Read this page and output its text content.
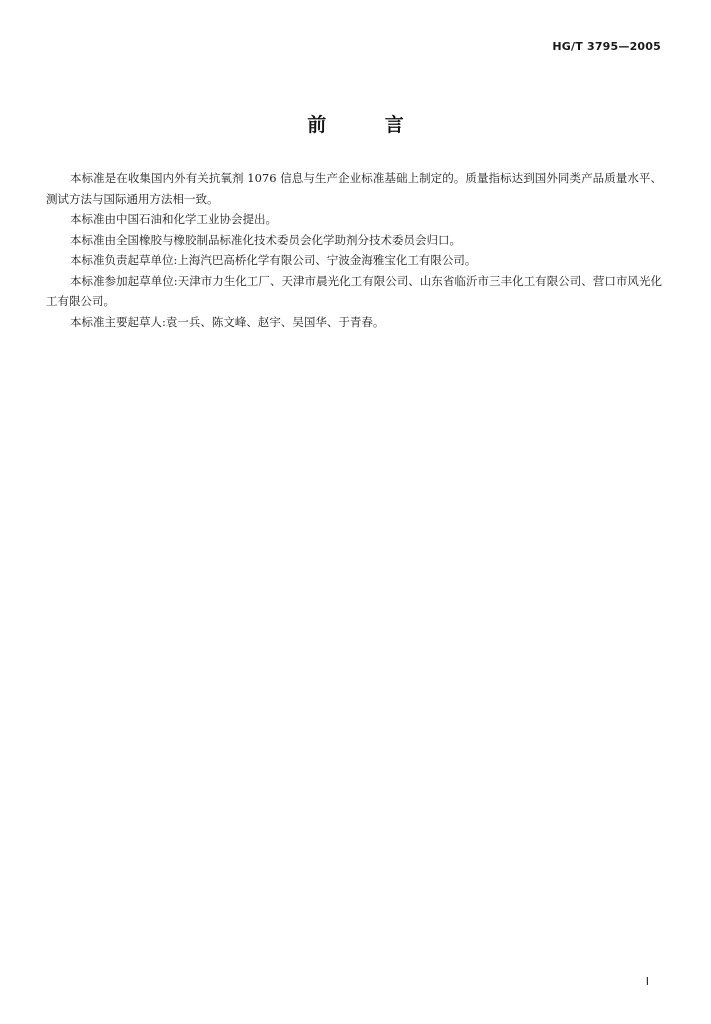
HG/T 3795—2005
前 言

本标准是在收集国内外有关抗氧剂 1076 信息与生产企业标准基础上制定的。质量指标达到国外同类产品质量水平、测试方法与国际通用方法相一致。

本标准由中国石油和化学工业协会提出。

本标准由全国橡胶与橡胶制品标准化技术委员会化学助剂分技术委员会归口。

本标准负责起草单位:上海汽巴高桥化学有限公司、宁波金海雅宝化工有限公司。

本标准参加起草单位:天津市力生化工厂、天津市晨光化工有限公司、山东省临沂市三丰化工有限公司、营口市风光化工有限公司。

本标准主要起草人:袁一兵、陈文峰、赵宇、吴国华、于青春。

I
